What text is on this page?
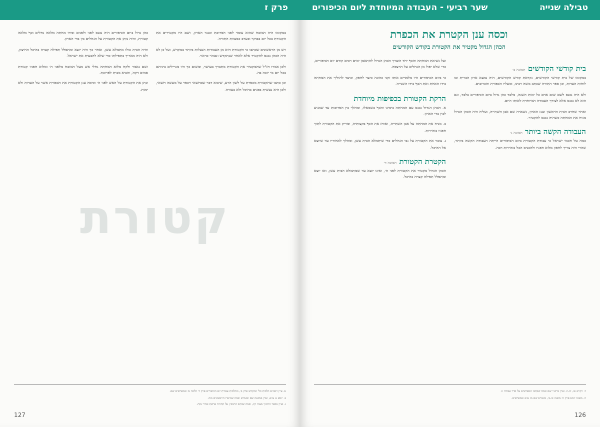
פרק ז
קטורת

במקומו היה המזבח שהוא עומד לפני הפרוכת וכנגד הארון, ושם היו מקטירים את הקטורת בכל יום בבוקר ובערב כמצוות התורה.

ויש מן הראשונים שכתבו כי הקטורת היא מן העבודות הנעלות ביותר במקדש, ועל כן לא היה הכהן נכנס להקטיר אלא לאחר שנתקדש ונטהר כראוי.

ולכן אמרו חז"ל שהמקטיר את הקטורת מתברך בעושר, ומשום כך היו מגרילים ביניהם בכל יום מי יזכה בה.

וכן כתבו שהקטורת מכפרת על לשון הרע, שיבוא דבר שבחשאי ויכפר על מעשה חשאי, ולכן היא נעשית בפנים בהיכל ולא בעזרה.

כהן גדול ביום הכיפורים היה נכנס לפני ולפנים ובידו מחתה מלאה גחלים וכף מלאה קטורת, והיה נותן את הקטורת על הגחלים בין בדי הארון.

והיה הבית כולו מתמלא עשן, ואחר כך היה יוצא ומתפלל תפילה קצרה בהיכל החיצון, ולא היה מאריך בתפילתו כדי שלא להבעית את ישראל.

ושם נאמר ולקח מלוא המחתה גחלי אש מעל המזבח מלפני ה׳ ומלוא חפניו קטורת סמים דקה, והביא מבית לפרוכת.

ונתן את הקטורת על האש לפני ה׳ וכיסה ענן הקטורת את הכפורת אשר על העדות ולא ימות.

א. עיין רמב״ם הלכות כלי המקדש פרק ב׳, ובהלכות עבודת יום הכיפורים פרק ד׳ הלכה א׳ ובמפרשים שם.

ב. יומא נג ע״א, ועיין במשנה שם ובגמרא ובמה שביארו הראשונים בזה.

ג. ועיין בספר החינוך מצוה קיג, ובמה שכתב הרמב״ן על התורה פרשת אחרי מות.

127
טבילה שנייה
שער רביעי - העבודה המיוחדת ליום הכיפורים
וכסה ענן הקטרת את הכפרת
הכהן הגדול מקטיר את הקטורת בקודש הקודשים
בית קודשי הקודשים תמונה ב׳

במקומו של בית קודשי הקודשים, נקראת קודש הקודשים, היה נמצא ארון הברית ובו לוחות העדות, וכן ספר התורה שכתב משה רבינו, ומעליו הכפורת והכרובים.

ולא היה נכנס לשם שום אדם כל ימות השנה, מלבד כהן גדול ביום הכיפורים בלבד, וגם הוא לא נכנס אלא לצורך העבודה המיוחדת לאותו היום.

ואחר שחרב הבית הראשון ונגנז הארון, נשארה שם אבן השתייה, ועליה היה הכהן הגדול מניח את המחתה כשהיה נכנס להקטיר.

העבודה הקשה ביותר תמונה ג׳

כמה טל חכמי ישראל כי עבודת הקטורת ביום הכיפורים הייתה העבודה הקשה ביותר, שהרי היה צריך לחפון מלוא חפניו ולהכניס הכל בזהירות רבה.

ועל נשיאת המחתה והכף יחד הוצרך הכהן הגדול להתאמן ימים רבים קודם יום הכיפורים, כדי שלא יפול מן הגחלים על הרצפה.

כי ביום הכיפורים היו מלמדים אותו זקני כהונה כיצד לחפון, וכיצד להוליך את המחתה בידו האחת ואת הכף בידו השנייה.

הרקת הקטורת בכפיפות מיוחדת

א. הכהן הגדול נכנס עם המחתה בימינו והכף בשמאלו, ומהלך בין הפרוכות עד שמגיע לבין בדי הארון.

ב. מניח את המחתה על אבן השתייה, ואוחז את הכף בקצותיה, ומריק את הקטורת לתוך חפניו בזהירות.

ג. צובר את הקטורת על גבי הגחלים כדי שיתמלא הבית עשן, ומהלך לאחוריו עד שיוצא אל ההיכל.

הקטרת הקטורת תמונה ד׳

הכהן הגדול מקטיר את הקטורת לפני ה׳, ואינו יוצא עד שמתמלא הבית עשן, ואז יוצא ומתפלל תפילה קצרה בהיכל.

ד. ויקרא טז, יב-יג. ועיין ברש״י שם ובמה שכתבו המפרשים על סדר עבודה זו.

ה. משנה יומא פרק ה׳ משנה א׳-ב׳, ובגמרא שם מז ע״א ובמפרשים.

126
